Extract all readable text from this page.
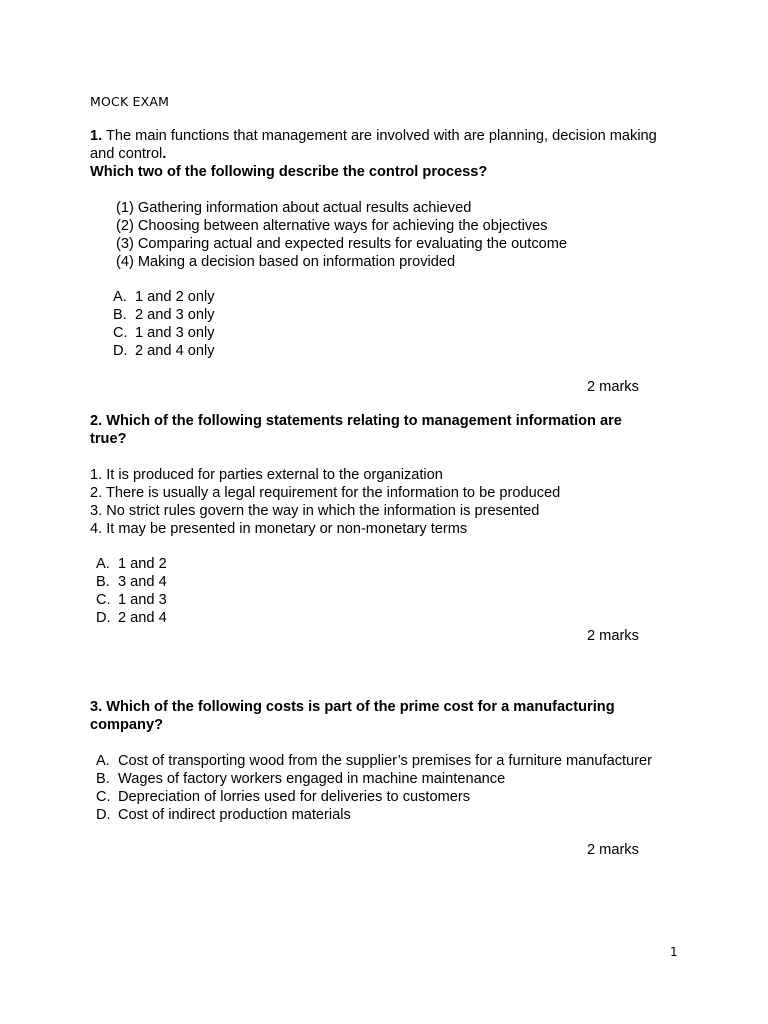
MOCK EXAM
1. The main functions that management are involved with are planning, decision making
and control.
Which two of the following describe the control process?
(1) Gathering information about actual results achieved
(2) Choosing between alternative ways for achieving the objectives
(3) Comparing actual and expected results for evaluating the outcome
(4) Making a decision based on information provided
A. 1 and 2 only
B. 2 and 3 only
C. 1 and 3 only
D. 2 and 4 only
2 marks
2. Which of the following statements relating to management information are
true?
1. It is produced for parties external to the organization
2. There is usually a legal requirement for the information to be produced
3. No strict rules govern the way in which the information is presented
4. It may be presented in monetary or non-monetary terms
A. 1 and 2
B. 3 and 4
C. 1 and 3
D. 2 and 4
2 marks
3. Which of the following costs is part of the prime cost for a manufacturing
company?
A. Cost of transporting wood from the supplier’s premises for a furniture manufacturer
B. Wages of factory workers engaged in machine maintenance
C. Depreciation of lorries used for deliveries to customers
D. Cost of indirect production materials
2 marks
1
